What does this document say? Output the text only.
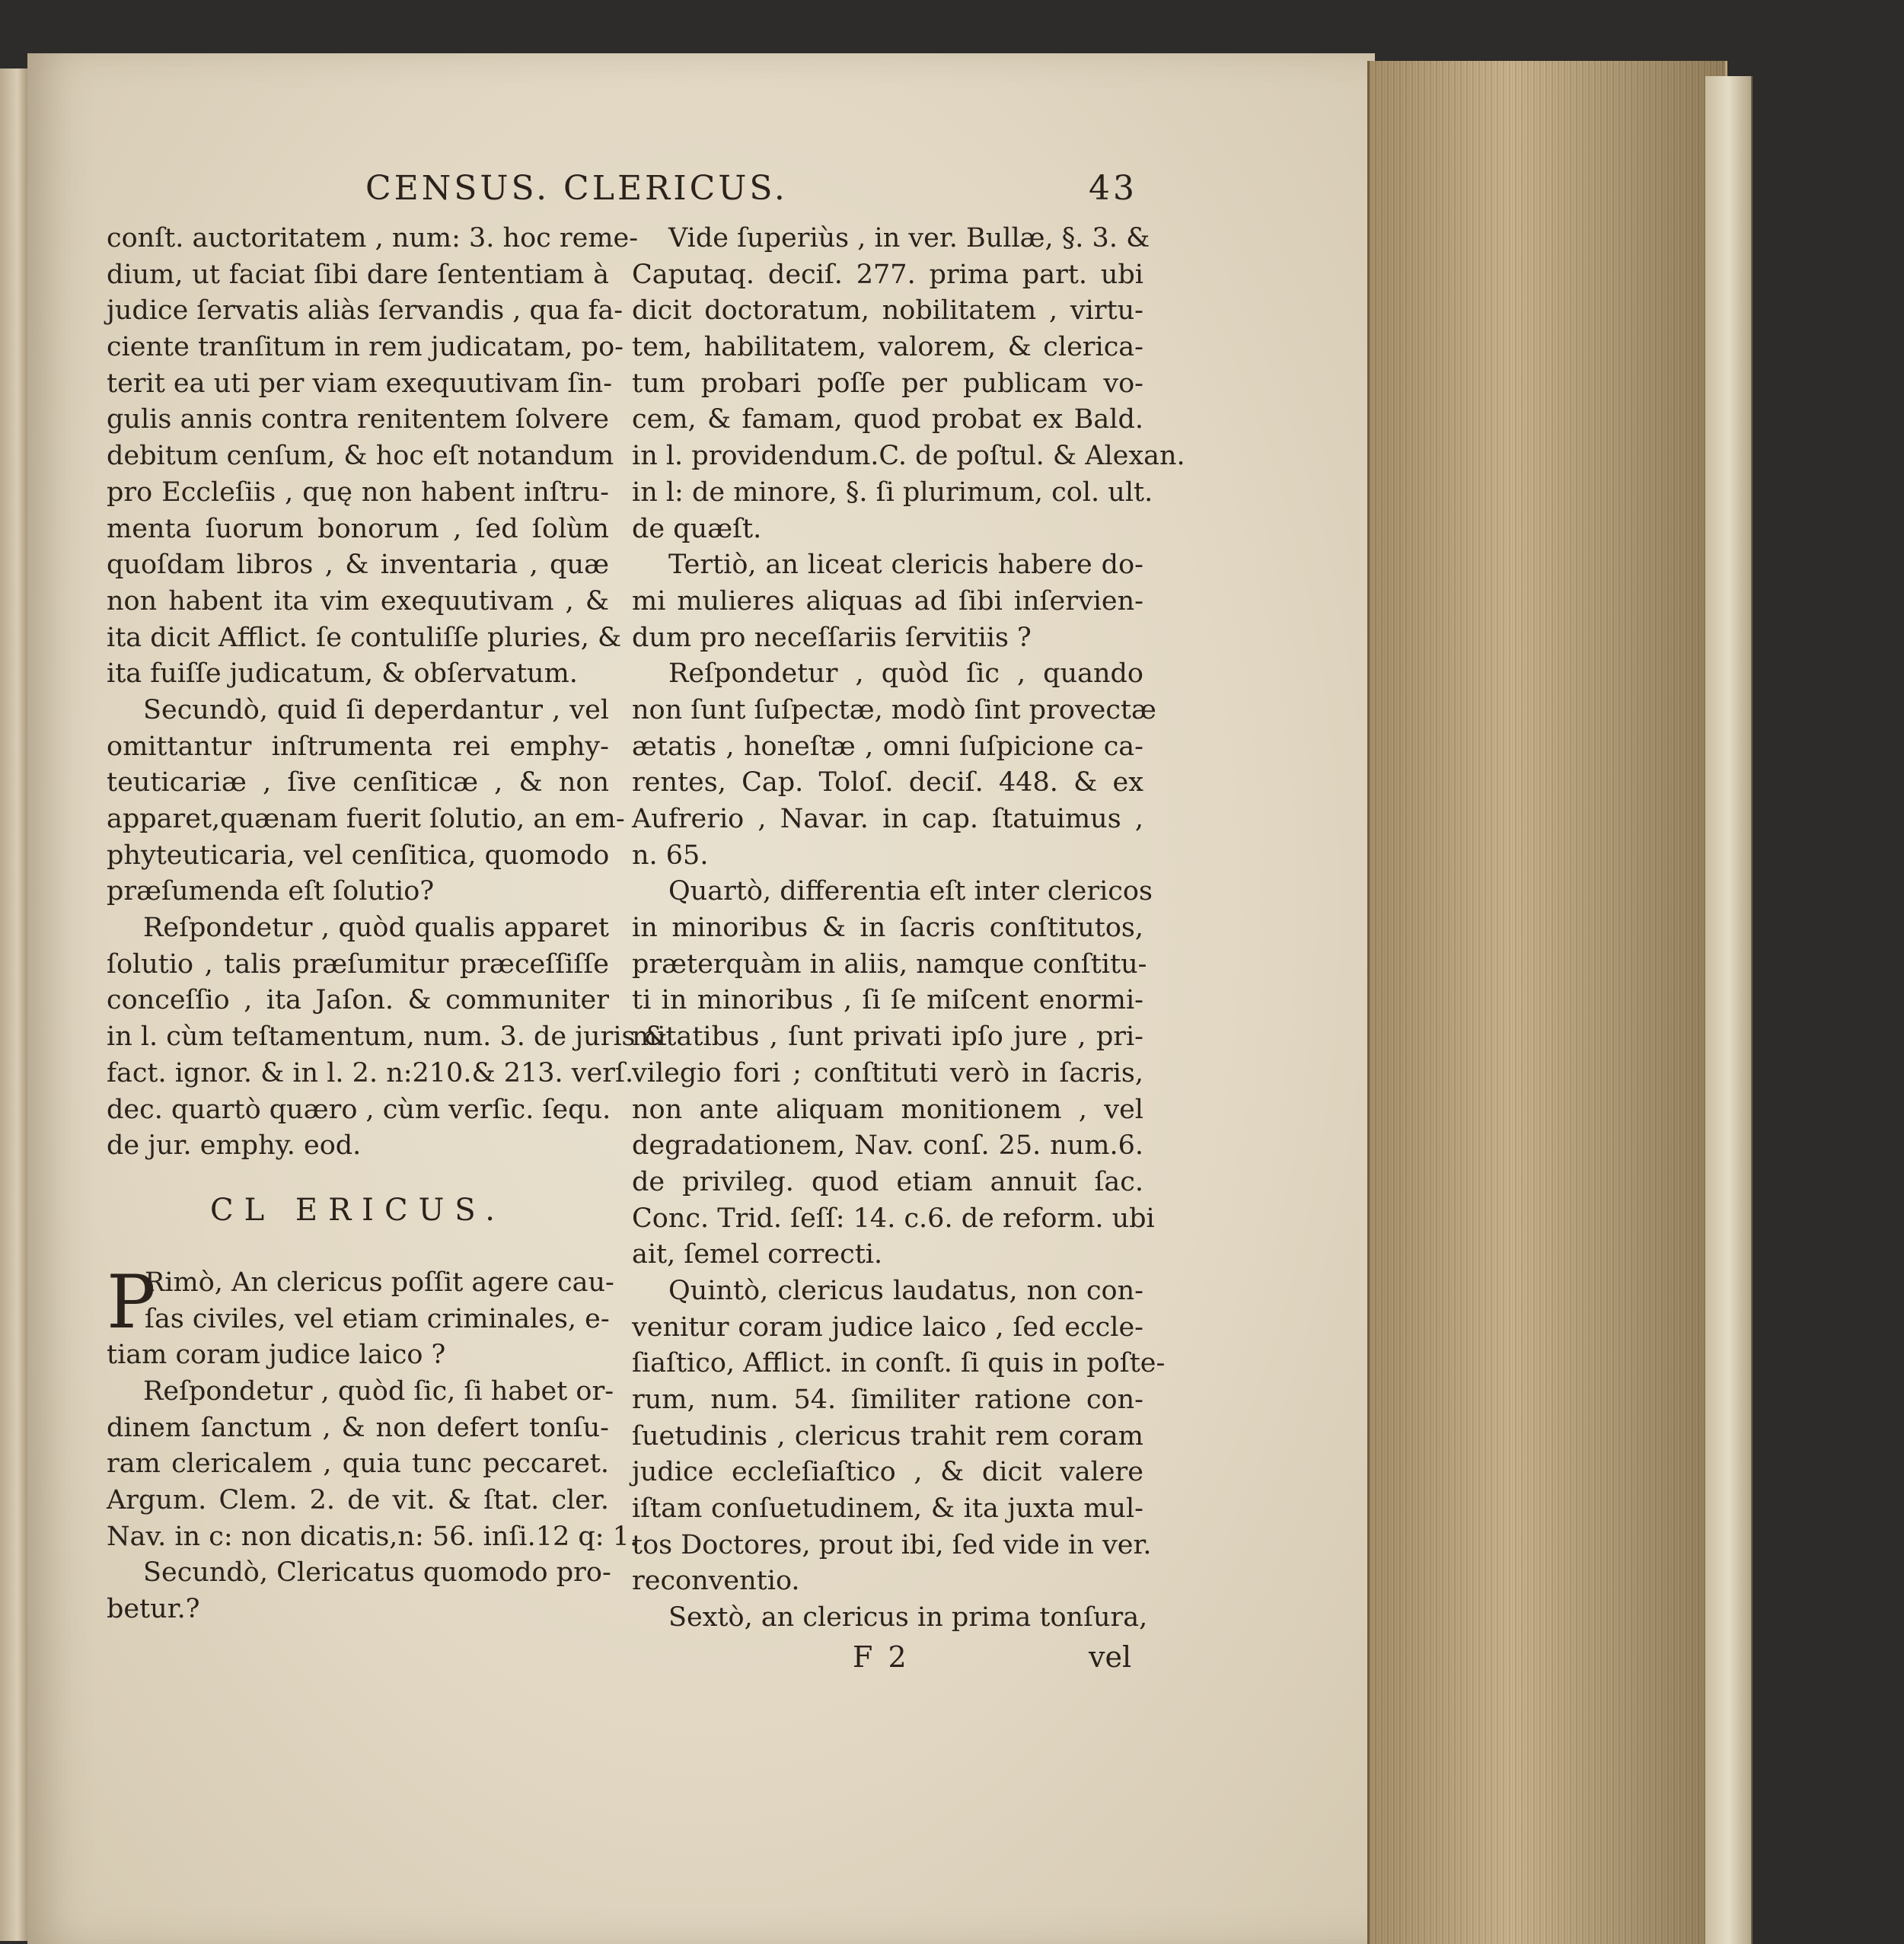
CENSUS. CLERICUS.	43
conſt. auctoritatem , num: 3. hoc reme-
dium, ut faciat ſibi dare ſententiam à
judice ſervatis aliàs ſervandis , qua fa-
ciente tranſitum in rem judicatam, po-
terit ea uti per viam exequutivam ſin-
gulis annis contra renitentem ſolvere
debitum cenſum, & hoc eſt notandum
pro Eccleſiis , quę non habent inſtru-
menta ſuorum bonorum , ſed ſolùm
quoſdam libros , & inventaria , quæ
non habent ita vim exequutivam , &
ita dicit Afflict. ſe contuliſſe pluries, &
ita fuiſſe judicatum, & obſervatum.
Secundò, quid ſi deperdantur , vel
omittantur inſtrumenta rei emphy-
teuticariæ , ſive cenſiticæ , & non
apparet,quænam fuerit ſolutio, an em-
phyteuticaria, vel cenſitica, quomodo
præſumenda eſt ſolutio?
Reſpondetur , quòd qualis apparet
ſolutio , talis præſumitur præceſſiſſe
conceſſio , ita Jaſon. & communiter
in l. cùm teſtamentum, num. 3. de juris &
fact. ignor. & in l. 2. n:210.& 213. verſ.
dec. quartò quæro , cùm verſic. ſequ.
de jur. emphy. eod.
CL ERICUS.
P
Rimò, An clericus poſſit agere cau-
ſas civiles, vel etiam criminales, e-
tiam coram judice laico ?
Reſpondetur , quòd ſic, ſi habet or-
dinem ſanctum , & non defert tonſu-
ram clericalem , quia tunc peccaret.
Argum. Clem. 2. de vit. & ſtat. cler.
Nav. in c: non dicatis,n: 56. inſi.12 q: 1.
Secundò, Clericatus quomodo pro-
betur.?
Vide ſuperiùs , in ver. Bullæ, §. 3. &
Caputaq. deciſ. 277. prima part. ubi
dicit doctoratum, nobilitatem , virtu-
tem, habilitatem, valorem, & clerica-
tum probari poſſe per publicam vo-
cem, & famam, quod probat ex Bald.
in l. providendum.C. de poſtul. & Alexan.
in l: de minore, §. ſi plurimum, col. ult.
de quæſt.
Tertiò, an liceat clericis habere do-
mi mulieres aliquas ad ſibi inſervien-
dum pro neceſſariis ſervitiis ?
Reſpondetur , quòd ſic , quando
non ſunt ſuſpectæ, modò ſint provectæ
ætatis , honeſtæ , omni ſuſpicione ca-
rentes, Cap. Toloſ. deciſ. 448. & ex
Aufrerio , Navar. in cap. ſtatuimus ,
n. 65.
Quartò, differentia eſt inter clericos
in minoribus & in ſacris conſtitutos,
præterquàm in aliis, namque conſtitu-
ti in minoribus , ſi ſe miſcent enormi-
mitatibus , ſunt privati ipſo jure , pri-
vilegio fori ; conſtituti verò in ſacris,
non ante aliquam monitionem , vel
degradationem, Nav. conſ. 25. num.6.
de privileg. quod etiam annuit ſac.
Conc. Trid. ſeſſ: 14. c.6. de reform. ubi
ait, ſemel correcti.
Quintò, clericus laudatus, non con-
venitur coram judice laico , ſed eccle-
ſiaſtico, Afflict. in conſt. ſi quis in poſte-
rum, num. 54. ſimiliter ratione con-
ſuetudinis , clericus trahit rem coram
judice eccleſiaſtico , & dicit valere
iſtam conſuetudinem, & ita juxta mul-
tos Doctores, prout ibi, ſed vide in ver.
reconventio.
Sextò, an clericus in prima tonſura,
F 2	vel
